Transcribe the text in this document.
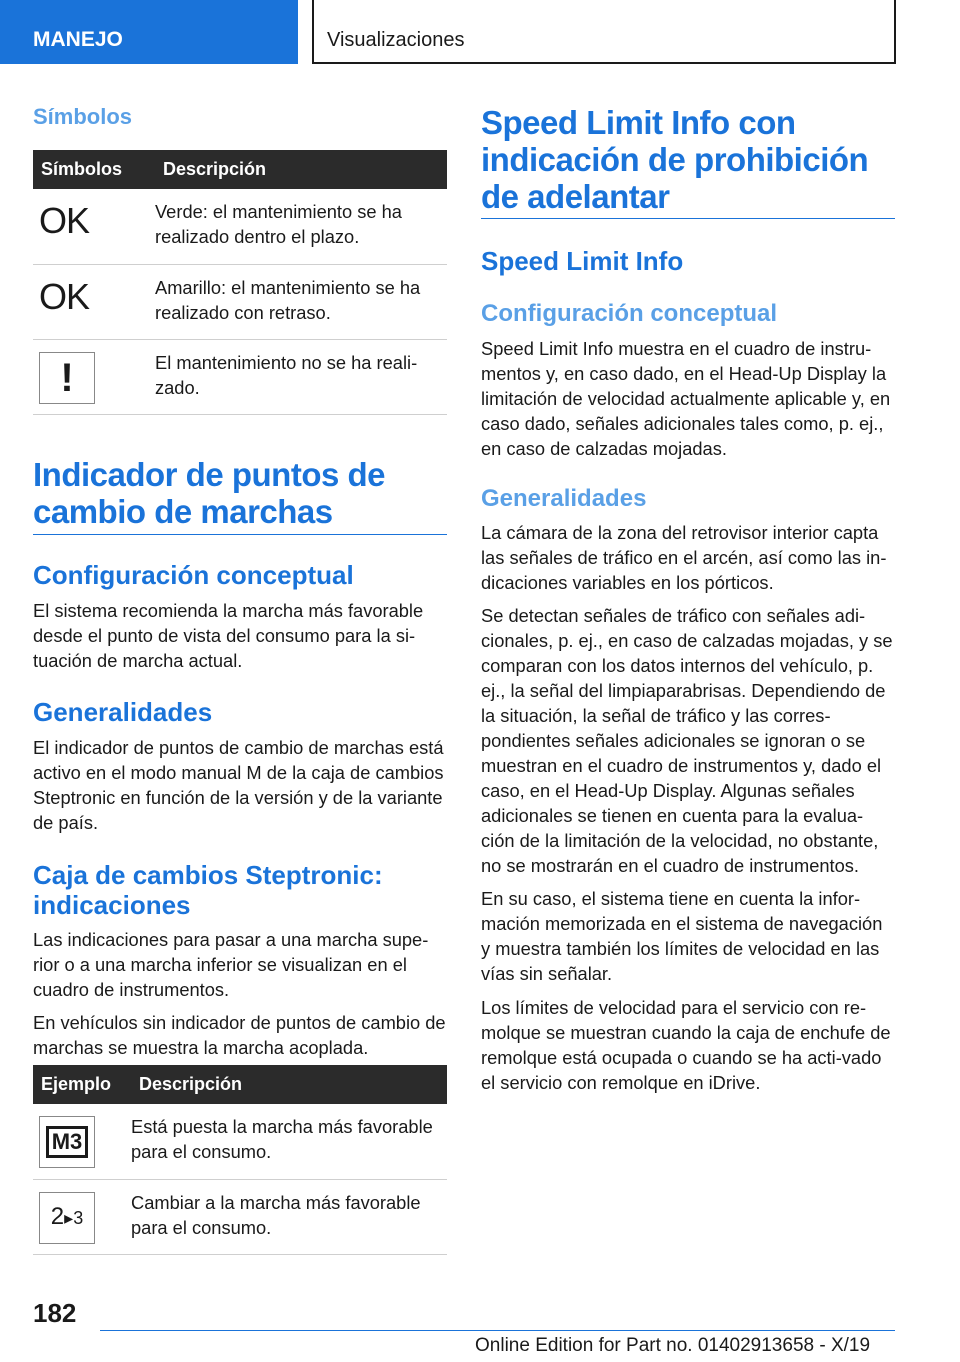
MANEJO	Visualizaciones
Símbolos
Símbolos	Descripción
OK	Verde: el mantenimiento se ha realizado dentro el plazo.
OK	Amarillo: el mantenimiento se ha realizado con retraso.

!	El mantenimiento no se ha reali-zado.
Indicador de puntos de cambio de marchas
Configuración conceptual

El sistema recomienda la marcha más favorable desde el punto de vista del consumo para la si-tuación de marcha actual.

Generalidades

El indicador de puntos de cambio de marchas está activo en el modo manual M de la caja de cambios Steptronic en función de la versión y de la variante de país.

Caja de cambios Steptronic: indicaciones

Las indicaciones para pasar a una marcha supe-rior o a una marcha inferior se visualizan en el cuadro de instrumentos.

En vehículos sin indicador de puntos de cambio de marchas se muestra la marcha acoplada.

Ejemplo	Descripción

M3	Está puesta la marcha más favorable para el consumo.

2▸3	Cambiar a la marcha más favorable para el consumo.
Speed Limit Info con indicación de prohibición de adelantar
Speed Limit Info
Configuración conceptual

Speed Limit Info muestra en el cuadro de instru-mentos y, en caso dado, en el Head-Up Display la limitación de velocidad actualmente aplicable y, en caso dado, señales adicionales tales como, p. ej., en caso de calzadas mojadas.

Generalidades

La cámara de la zona del retrovisor interior capta las señales de tráfico en el arcén, así como las in-dicaciones variables en los pórticos.

Se detectan señales de tráfico con señales adi-cionales, p. ej., en caso de calzadas mojadas, y se comparan con los datos internos del vehículo, p. ej., la señal del limpiaparabrisas. Dependiendo de la situación, la señal de tráfico y las corres-pondientes señales adicionales se ignoran o se muestran en el cuadro de instrumentos y, dado el caso, en el Head-Up Display. Algunas señales adicionales se tienen en cuenta para la evalua-ción de la limitación de la velocidad, no obstante, no se mostrarán en el cuadro de instrumentos.

En su caso, el sistema tiene en cuenta la infor-mación memorizada en el sistema de navegación y muestra también los límites de velocidad en las vías sin señalar.

Los límites de velocidad para el servicio con re-molque se muestran cuando la caja de enchufe de remolque está ocupada o cuando se ha acti-vado el servicio con remolque en iDrive.

182
Online Edition for Part no. 01402913658 - X/19
